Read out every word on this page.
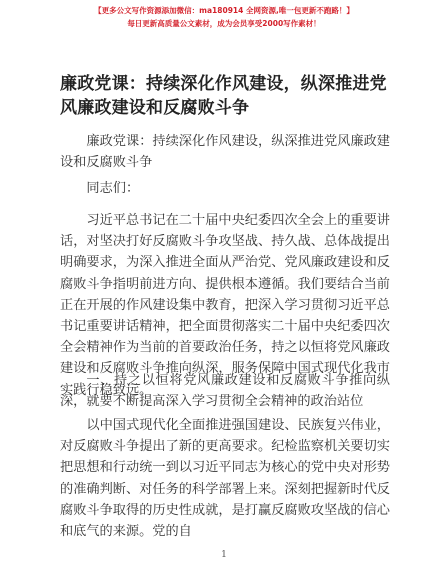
【更多公文写作资源添加微信：ma180914 全网资源,唯一包更新不跑路！】
每日更新高质量公文素材，成为会员享受2000写作素材！
廉政党课：持续深化作风建设，纵深推进党风廉政建设和反腐败斗争
廉政党课：持续深化作风建设，纵深推进党风廉政建设和反腐败斗争
同志们：
习近平总书记在二十届中央纪委四次全会上的重要讲话，对坚决打好反腐败斗争攻坚战、持久战、总体战提出明确要求，为深入推进全面从严治党、党风廉政建设和反腐败斗争指明前进方向、提供根本遵循。我们要结合当前正在开展的作风建设集中教育，把深入学习贯彻习近平总书记重要讲话精神，把全面贯彻落实二十届中央纪委四次全会精神作为当前的首要政治任务，持之以恒将党风廉政建设和反腐败斗争推向纵深，服务保障中国式现代化我市实践行稳致远。
一、持之以恒将党风廉政建设和反腐败斗争推向纵深，就要不断提高深入学习贯彻全会精神的政治站位
以中国式现代化全面推进强国建设、民族复兴伟业，对反腐败斗争提出了新的更高要求。纪检监察机关要切实把思想和行动统一到以习近平同志为核心的党中央对形势的准确判断、对任务的科学部署上来。深刻把握新时代反腐败斗争取得的历史性成就，是打赢反腐败攻坚战的信心和底气的来源。党的自
1
